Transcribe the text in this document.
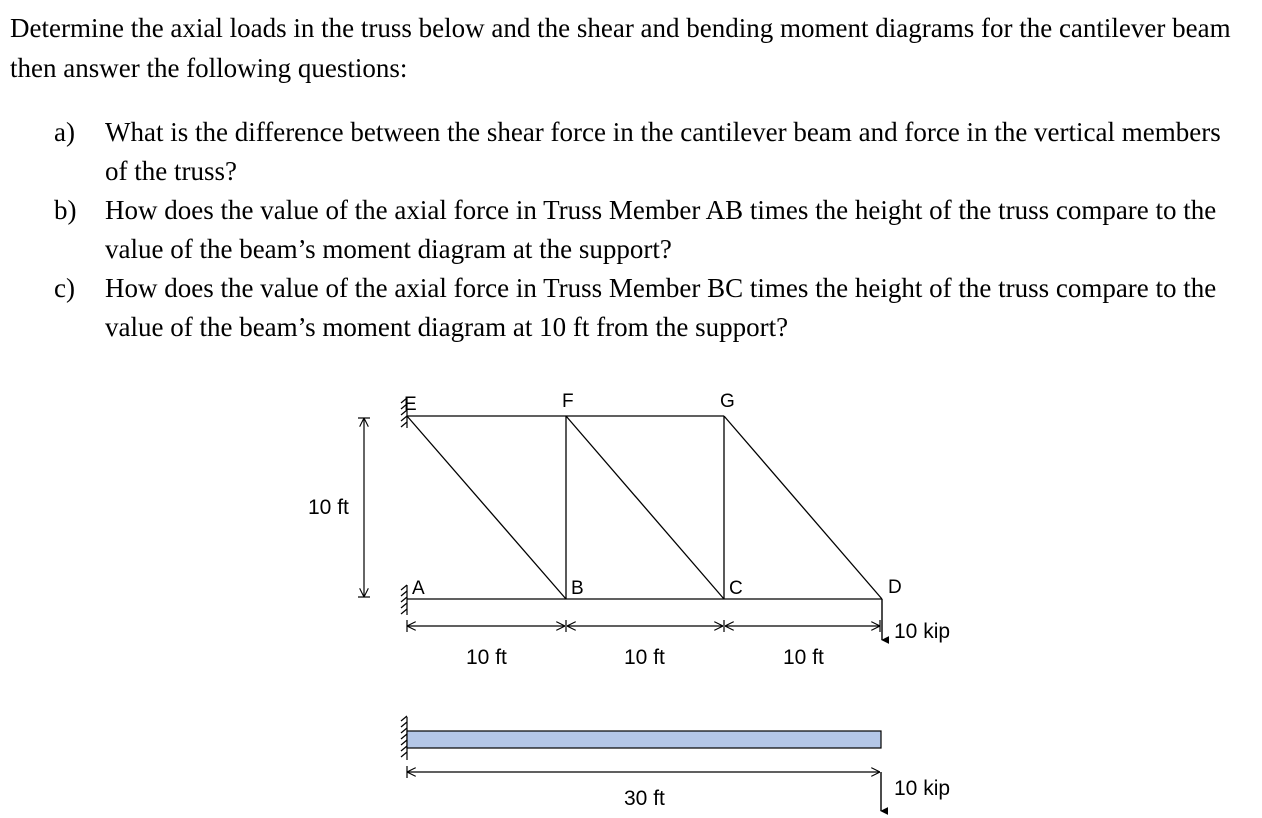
Determine the axial loads in the truss below and the shear and bending moment diagrams for the cantilever beam then answer the following questions:

a) What is the difference between the shear force in the cantilever beam and force in the vertical members of the truss?
b) How does the value of the axial force in Truss Member AB times the height of the truss compare to the value of the beam’s moment diagram at the support?
c) How does the value of the axial force in Truss Member BC times the height of the truss compare to the value of the beam’s moment diagram at 10 ft from the support?
E	F	G
A	B	C	D
10 ft
10 ft	10 ft	10 ft
10 kip
30 ft	10 kip
